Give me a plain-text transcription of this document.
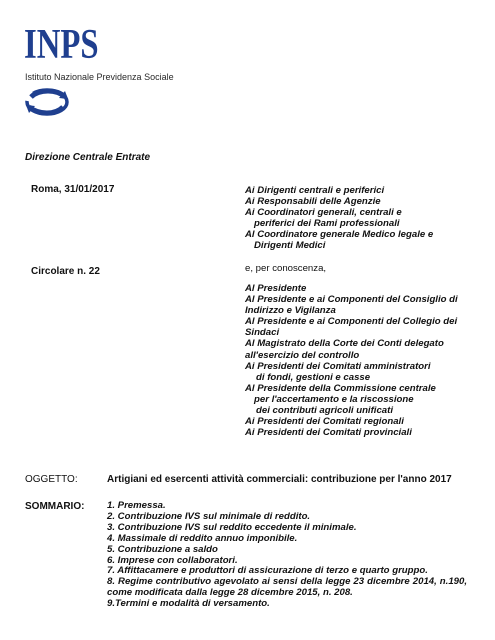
INPS
Istituto Nazionale Previdenza Sociale
Direzione Centrale Entrate
Roma, 31/01/2017
Circolare n. 22
Ai Dirigenti centrali e periferici
Ai Responsabili delle Agenzie
Ai Coordinatori generali, centrali e
periferici dei Rami professionali
Al Coordinatore generale Medico legale e
Dirigenti Medici
e, per conoscenza,
Al Presidente
Al Presidente e ai Componenti del Consiglio di
Indirizzo e Vigilanza
Al Presidente e ai Componenti del Collegio dei
Sindaci
Al Magistrato della Corte dei Conti delegato
all'esercizio del controllo
Ai Presidenti dei Comitati amministratori
di fondi, gestioni e casse
Al Presidente della Commissione centrale
per l'accertamento e la riscossione
dei contributi agricoli unificati
Ai Presidenti dei Comitati regionali
Ai Presidenti dei Comitati provinciali
OGGETTO:	Artigiani ed esercenti attività commerciali: contribuzione per l'anno 2017
SOMMARIO: 1. Premessa.
2. Contribuzione IVS sul minimale di reddito.
3. Contribuzione IVS sul reddito eccedente il minimale.
4. Massimale di reddito annuo imponibile.
5. Contribuzione a saldo
6. Imprese con collaboratori.
7. Affittacamere e produttori di assicurazione di terzo e quarto gruppo.
8. Regime contributivo agevolato ai sensi della legge 23 dicembre 2014, n.190, come modificata dalla legge 28 dicembre 2015, n. 208.
9.Termini e modalità di versamento.
